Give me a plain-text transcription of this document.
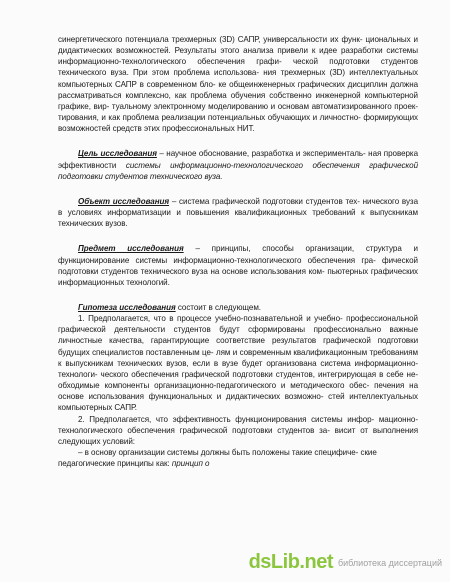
синергетического потенциала трехмерных (3D) САПР, универсальности их функ- циональных и дидактических возможностей. Результаты этого анализа привели к идее разработки системы информационно-технологического обеспечения графи- ческой подготовки студентов технического вуза. При этом проблема использова- ния трехмерных (3D) интеллектуальных компьютерных САПР в современном бло- ке общеинженерных графических дисциплин должна рассматриваться комплексно, как проблема обучения собственно инженерной компьютерной графике, вир- туальному электронному моделированию и основам автоматизированного проек- тирования, и как проблема реализации потенциальных обучающих и личностно- формирующих возможностей средств этих профессиональных НИТ.

Цель исследования – научное обоснование, разработка и эксперименталь- ная проверка эффективности системы информационно-технологического обеспечения графической подготовки студентов технического вуза.

Объект исследования – система графической подготовки студентов тех- нического вуза в условиях информатизации и повышения квалификационных требований к выпускникам технических вузов.

Предмет исследования – принципы, способы организации, структура и функционирование системы информационно-технологического обеспечения гра- фической подготовки студентов технического вуза на основе использования ком- пьютерных графических информационных технологий.

Гипотеза исследования состоит в следующем.

1. Предполагается, что в процессе учебно-познавательной и учебно- профессиональной графической деятельности студентов будут сформированы профессионально важные личностные качества, гарантирующие соответствие результатов графической подготовки будущих специалистов поставленным це- лям и современным квалификационным требованиям к выпускникам технических вузов, если в вузе будет организована система информационно-технологи- ческого обеспечения графической подготовки студентов, интегрирующая в себе не- обходимые компоненты организационно-педагогического и методического обес- печения на основе использования функциональных и дидактических возможно- стей интеллектуальных компьютерных САПР.

2. Предполагается, что эффективность функционирования системы инфор- мационно-технологического обеспечения графической подготовки студентов за- висит от выполнения следующих условий:

– в основу организации системы должны быть положены такие специфиче- ские педагогические принципы как: принцип о

dsLib.net библиотека диссертаций
